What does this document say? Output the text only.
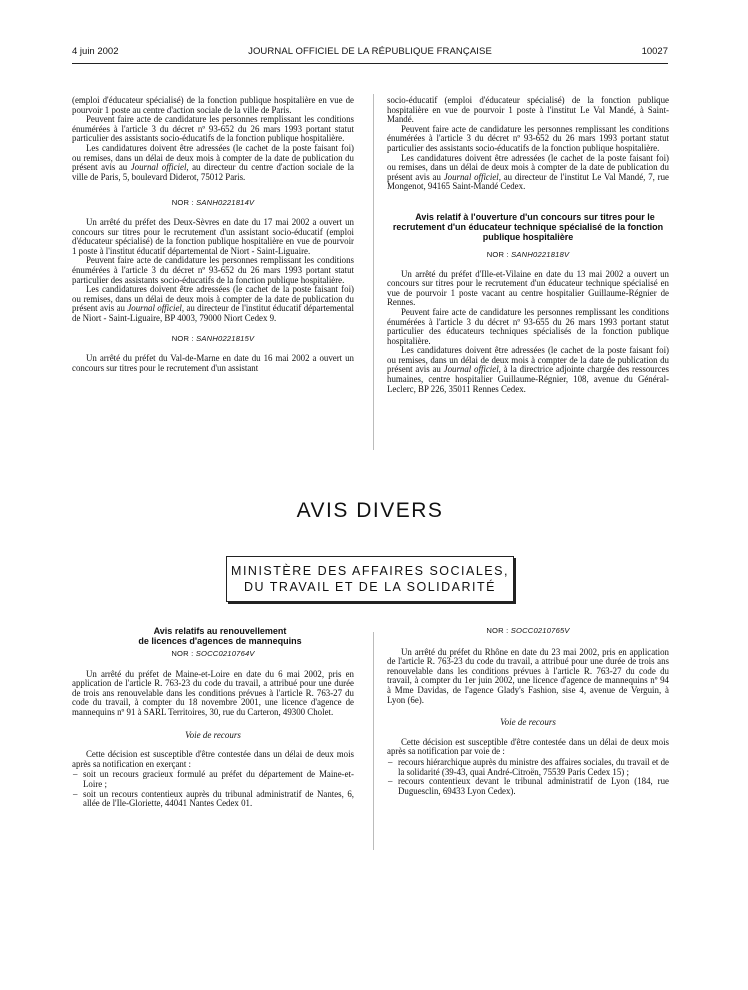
4 juin 2002	JOURNAL OFFICIEL DE LA RÉPUBLIQUE FRANÇAISE	10027

(emploi d'éducateur spécialisé) de la fonction publique hospitalière en vue de pourvoir 1 poste au centre d'action sociale de la ville de Paris.

Peuvent faire acte de candidature les personnes remplissant les conditions énumérées à l'article 3 du décret nº 93-652 du 26 mars 1993 portant statut particulier des assistants socio-éducatifs de la fonction publique hospitalière.

Les candidatures doivent être adressées (le cachet de la poste faisant foi) ou remises, dans un délai de deux mois à compter de la date de publication du présent avis au Journal officiel, au directeur du centre d'action sociale de la ville de Paris, 5, boulevard Diderot, 75012 Paris.

NOR : SANH0221814V

Un arrêté du préfet des Deux-Sèvres en date du 17 mai 2002 a ouvert un concours sur titres pour le recrutement d'un assistant socio-éducatif (emploi d'éducateur spécialisé) de la fonction publique hospitalière en vue de pourvoir 1 poste à l'institut éducatif départemental de Niort - Saint-Liguaire.

Peuvent faire acte de candidature les personnes remplissant les conditions énumérées à l'article 3 du décret nº 93-652 du 26 mars 1993 portant statut particulier des assistants socio-éducatifs de la fonction publique hospitalière.

Les candidatures doivent être adressées (le cachet de la poste faisant foi) ou remises, dans un délai de deux mois à compter de la date de publication du présent avis au Journal officiel, au directeur de l'institut éducatif départemental de Niort - Saint-Liguaire, BP 4003, 79000 Niort Cedex 9.

NOR : SANH0221815V

Un arrêté du préfet du Val-de-Marne en date du 16 mai 2002 a ouvert un concours sur titres pour le recrutement d'un assistant

socio-éducatif (emploi d'éducateur spécialisé) de la fonction publique hospitalière en vue de pourvoir 1 poste à l'institut Le Val Mandé, à Saint-Mandé.

Peuvent faire acte de candidature les personnes remplissant les conditions énumérées à l'article 3 du décret nº 93-652 du 26 mars 1993 portant statut particulier des assistants socio-éducatifs de la fonction publique hospitalière.

Les candidatures doivent être adressées (le cachet de la poste faisant foi) ou remises, dans un délai de deux mois à compter de la date de publication du présent avis au Journal officiel, au directeur de l'institut Le Val Mandé, 7, rue Mongenot, 94165 Saint-Mandé Cedex.

Avis relatif à l'ouverture d'un concours sur titres pour le recrutement d'un éducateur technique spécialisé de la fonction publique hospitalière

NOR : SANH0221818V

Un arrêté du préfet d'Ille-et-Vilaine en date du 13 mai 2002 a ouvert un concours sur titres pour le recrutement d'un éducateur technique spécialisé en vue de pourvoir 1 poste vacant au centre hospitalier Guillaume-Régnier de Rennes.

Peuvent faire acte de candidature les personnes remplissant les conditions énumérées à l'article 3 du décret nº 93-655 du 26 mars 1993 portant statut particulier des éducateurs techniques spécialisés de la fonction publique hospitalière.

Les candidatures doivent être adressées (le cachet de la poste faisant foi) ou remises, dans un délai de deux mois à compter de la date de publication du présent avis au Journal officiel, à la directrice adjointe chargée des ressources humaines, centre hospitalier Guillaume-Régnier, 108, avenue du Général-Leclerc, BP 226, 35011 Rennes Cedex.

AVIS DIVERS
MINISTÈRE DES AFFAIRES SOCIALES,
DU TRAVAIL ET DE LA SOLIDARITÉ

Avis relatifs au renouvellement

de licences d'agences de mannequins

NOR : SOCC0210764V

Un arrêté du préfet de Maine-et-Loire en date du 6 mai 2002, pris en application de l'article R. 763-23 du code du travail, a attribué pour une durée de trois ans renouvelable dans les conditions prévues à l'article R. 763-27 du code du travail, à compter du 18 novembre 2001, une licence d'agence de mannequins nº 91 à SARL Territoires, 30, rue du Carteron, 49300 Cholet.

Voie de recours

Cette décision est susceptible d'être contestée dans un délai de deux mois après sa notification en exerçant :

– soit un recours gracieux formulé au préfet du département de Maine-et-Loire ;
– soit un recours contentieux auprès du tribunal administratif de Nantes, 6, allée de l'Ile-Gloriette, 44041 Nantes Cedex 01.
NOR : SOCC0210765V

Un arrêté du préfet du Rhône en date du 23 mai 2002, pris en application de l'article R. 763-23 du code du travail, a attribué pour une durée de trois ans renouvelable dans les conditions prévues à l'article R. 763-27 du code du travail, à compter du 1er juin 2002, une licence d'agence de mannequins nº 94 à Mme Davidas, de l'agence Glady's Fashion, sise 4, avenue de Verguin, à Lyon (6e).

Voie de recours

Cette décision est susceptible d'être contestée dans un délai de deux mois après sa notification par voie de :

– recours hiérarchique auprès du ministre des affaires sociales, du travail et de la solidarité (39-43, quai André-Citroën, 75539 Paris Cedex 15) ;
– recours contentieux devant le tribunal administratif de Lyon (184, rue Duguesclin, 69433 Lyon Cedex).
